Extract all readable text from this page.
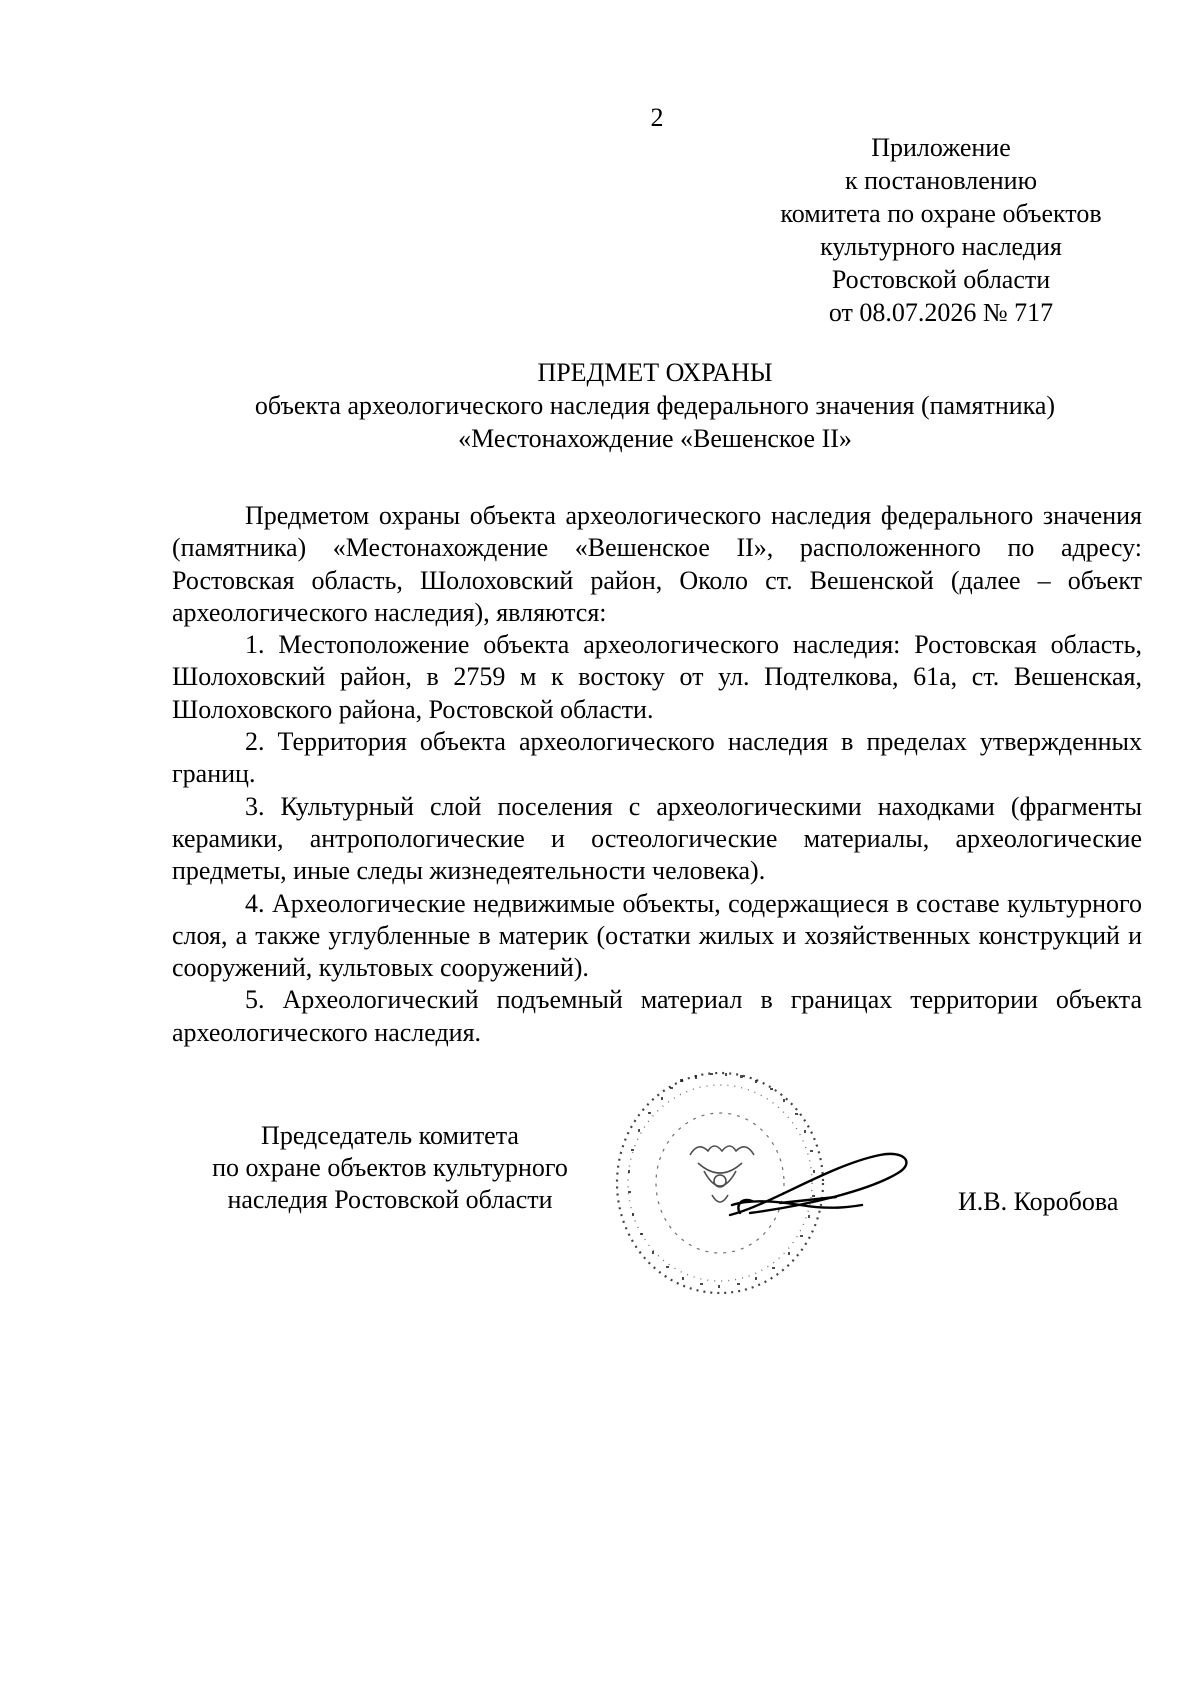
2
Приложение
к постановлению
комитета по охране объектов
культурного наследия
Ростовской области
от 08.07.2026 № 717
ПРЕДМЕТ ОХРАНЫ
объекта археологического наследия федерального значения (памятника)
«Местонахождение «Вешенское II»

Предметом охраны объекта археологического наследия федерального значения (памятника) «Местонахождение «Вешенское II», расположенного по адресу: Ростовская область, Шолоховский район, Около ст. Вешенской (далее – объект археологического наследия), являются:

1. Местоположение объекта археологического наследия: Ростовская область, Шолоховский район, в 2759 м к востоку от ул. Подтелкова, 61а, ст. Вешенская, Шолоховского района, Ростовской области.

2. Территория объекта археологического наследия в пределах утвержденных границ.

3. Культурный слой поселения с археологическими находками (фрагменты керамики, антропологические и остеологические материалы, археологические предметы, иные следы жизнедеятельности человека).

4. Археологические недвижимые объекты, содержащиеся в составе культурного слоя, а также углубленные в материк (остатки жилых и хозяйственных конструкций и сооружений, культовых сооружений).

5. Археологический подъемный материал в границах территории объекта археологического наследия.

Председатель комитета
по охране объектов культурного
наследия Ростовской области	И.В. Коробова
